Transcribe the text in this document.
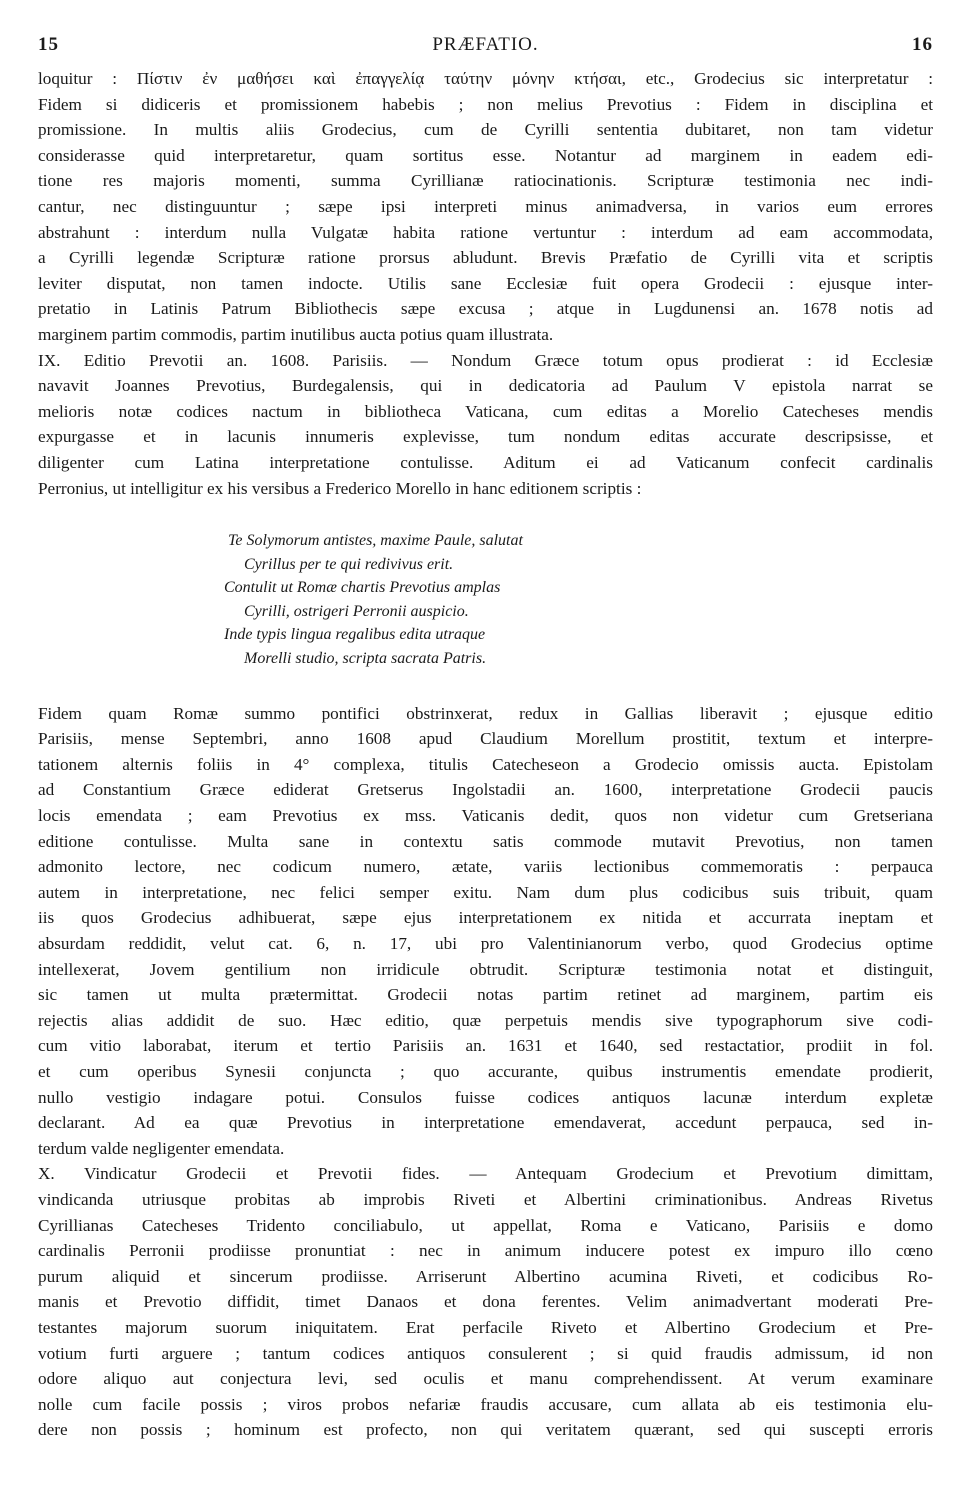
15	PRÆFATIO.	16
loquitur : Πίστιν ἐν μαθήσει καὶ ἐπαγγελίᾳ ταύτην μόνην κτήσαι, etc., Grodecius sic interpretatur :
Fidem si didiceris et promissionem habebis ; non melius Prevotius : Fidem in disciplina et
promissione. In multis aliis Grodecius, cum de Cyrilli sententia dubitaret, non tam videtur
considerasse quid interpretaretur, quam sortitus esse. Notantur ad marginem in eadem edi-
tione res majoris momenti, summa Cyrillianæ ratiocinationis. Scripturæ testimonia nec indi-
cantur, nec distinguuntur ; sæpe ipsi interpreti minus animadversa, in varios eum errores
abstrahunt : interdum nulla Vulgatæ habita ratione vertuntur : interdum ad eam accommodata,
a Cyrilli legendæ Scripturæ ratione prorsus abludunt. Brevis Præfatio de Cyrilli vita et scriptis
leviter disputat, non tamen indocte. Utilis sane Ecclesiæ fuit opera Grodecii : ejusque inter-
pretatio in Latinis Patrum Bibliothecis sæpe excusa ; atque in Lugdunensi an. 1678 notis ad
marginem partim commodis, partim inutilibus aucta potius quam illustrata.
IX. Editio Prevotii an. 1608. Parisiis. — Nondum Græce totum opus prodierat : id Ecclesiæ
navavit Joannes Prevotius, Burdegalensis, qui in dedicatoria ad Paulum V epistola narrat se
melioris notæ codices nactum in bibliotheca Vaticana, cum editas a Morelio Catecheses mendis
expurgasse et in lacunis innumeris explevisse, tum nondum editas accurate descripsisse, et
diligenter cum Latina interpretatione contulisse. Aditum ei ad Vaticanum confecit cardinalis
Perronius, ut intelligitur ex his versibus a Frederico Morello in hanc editionem scriptis :
Te Solymorum antistes, maxime Paule, salutat
Cyrillus per te qui redivivus erit.
Contulit ut Romæ chartis Prevotius amplas
Cyrilli, ostrigeri Perronii auspicio.
Inde typis lingua regalibus edita utraque
Morelli studio, scripta sacrata Patris.
Fidem quam Romæ summo pontifici obstrinxerat, redux in Gallias liberavit ; ejusque editio
Parisiis, mense Septembri, anno 1608 apud Claudium Morellum prostitit, textum et interpre-
tationem alternis foliis in 4° complexa, titulis Catecheseon a Grodecio omissis aucta. Epistolam
ad Constantium Græce ediderat Gretserus Ingolstadii an. 1600, interpretatione Grodecii paucis
locis emendata ; eam Prevotius ex mss. Vaticanis dedit, quos non videtur cum Gretseriana
editione contulisse. Multa sane in contextu satis commode mutavit Prevotius, non tamen
admonito lectore, nec codicum numero, ætate, variis lectionibus commemoratis : perpauca
autem in interpretatione, nec felici semper exitu. Nam dum plus codicibus suis tribuit, quam
iis quos Grodecius adhibuerat, sæpe ejus interpretationem ex nitida et accurrata ineptam et
absurdam reddidit, velut cat. 6, n. 17, ubi pro Valentinianorum verbo, quod Grodecius optime
intellexerat, Jovem gentilium non irridicule obtrudit. Scripturæ testimonia notat et distinguit,
sic tamen ut multa prætermittat. Grodecii notas partim retinet ad marginem, partim eis
rejectis alias addidit de suo. Hæc editio, quæ perpetuis mendis sive typographorum sive codi-
cum vitio laborabat, iterum et tertio Parisiis an. 1631 et 1640, sed restactatior, prodiit in fol.
et cum operibus Synesii conjuncta ; quo accurante, quibus instrumentis emendate prodierit,
nullo vestigio indagare potui. Consulos fuisse codices antiquos lacunæ interdum expletæ
declarant. Ad ea quæ Prevotius in interpretatione emendaverat, accedunt perpauca, sed in-
terdum valde negligenter emendata.
X. Vindicatur Grodecii et Prevotii fides. — Antequam Grodecium et Prevotium dimittam,
vindicanda utriusque probitas ab improbis Riveti et Albertini criminationibus. Andreas Rivetus
Cyrillianas Catecheses Tridento conciliabulo, ut appellat, Roma e Vaticano, Parisiis e domo
cardinalis Perronii prodiisse pronuntiat : nec in animum inducere potest ex impuro illo cœno
purum aliquid et sincerum prodiisse. Arriserunt Albertino acumina Riveti, et codicibus Ro-
manis et Prevotio diffidit, timet Danaos et dona ferentes. Velim animadvertant moderati Pre-
testantes majorum suorum iniquitatem. Erat perfacile Riveto et Albertino Grodecium et Pre-
votium furti arguere ; tantum codices antiquos consulerent ; si quid fraudis admissum, id non
odore aliquo aut conjectura levi, sed oculis et manu comprehendissent. At verum examinare
nolle cum facile possis ; viros probos nefariæ fraudis accusare, cum allata ab eis testimonia elu-
dere non possis ; hominum est profecto, non qui veritatem quærant, sed qui suscepti erroris
